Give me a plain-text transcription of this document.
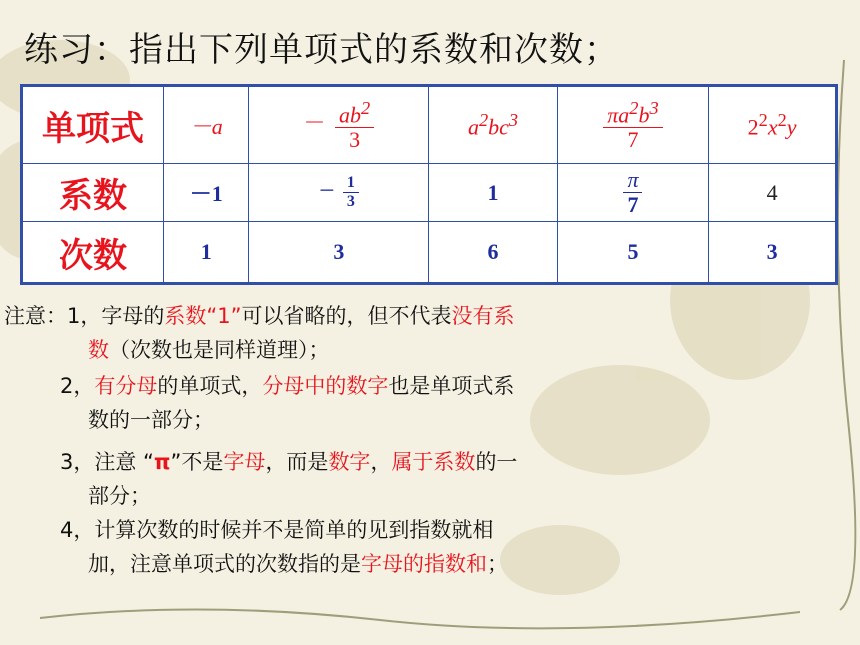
练习：指出下列单项式的系数和次数；
单项式	－a	－ $\frac{ab^2}{3}$	$a^2bc^3$	$\frac{\pi a^2b^3}{7}$	$2^2x^2y$
系数	－1	－ $\frac{1}{3}$	1	$\frac{\pi}{7}$	4
次数	1	3	6	5	3
注意：1，字母的系数“1”可以省略的，但不代表没有系
数（次数也是同样道理）；
2，有分母的单项式，分母中的数字也是单项式系
数的一部分；
3，注意 “π”不是字母，而是数字，属于系数的一
部分；
4，计算次数的时候并不是简单的见到指数就相
加，注意单项式的次数指的是字母的指数和；
